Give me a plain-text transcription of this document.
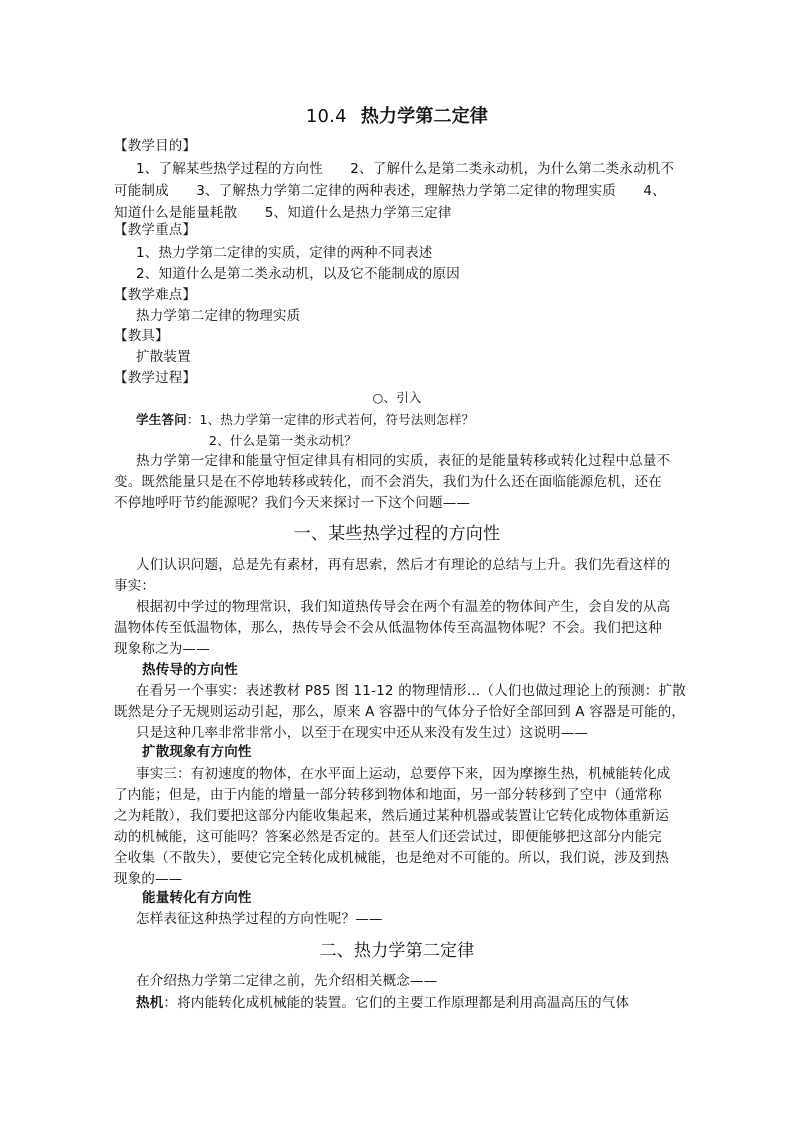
10.4 热力学第二定律
【教学目的】
1、了解某些热学过程的方向性　　2、了解什么是第二类永动机，为什么第二类永动机不
可能制成　　3、了解热力学第二定律的两种表述，理解热力学第二定律的物理实质　　4、
知道什么是能量耗散　　5、知道什么是热力学第三定律
【教学重点】
1、热力学第二定律的实质，定律的两种不同表述
2、知道什么是第二类永动机，以及它不能制成的原因
【教学难点】
热力学第二定律的物理实质
【教具】
扩散装置
【教学过程】
○、引入
学生答问：1、热力学第一定律的形式若何，符号法则怎样？
2、什么是第一类永动机？
热力学第一定律和能量守恒定律具有相同的实质，表征的是能量转移或转化过程中总量不
变。既然能量只是在不停地转移或转化，而不会消失，我们为什么还在面临能源危机，还在
不停地呼吁节约能源呢？我们今天来探讨一下这个问题——
一、某些热学过程的方向性
人们认识问题，总是先有素材，再有思索，然后才有理论的总结与上升。我们先看这样的
事实：
根据初中学过的物理常识，我们知道热传导会在两个有温差的物体间产生，会自发的从高
温物体传至低温物体，那么，热传导会不会从低温物体传至高温物体呢？不会。我们把这种
现象称之为——
热传导的方向性
在看另一个事实：表述教材 P85 图 11-12 的物理情形…（人们也做过理论上的预测：扩散
既然是分子无规则运动引起，那么，原来 A 容器中的气体分子恰好全部回到 A 容器是可能的，
只是这种几率非常非常小，以至于在现实中还从来没有发生过）这说明——
扩散现象有方向性
事实三：有初速度的物体，在水平面上运动，总要停下来，因为摩擦生热，机械能转化成
了内能；但是，由于内能的增量一部分转移到物体和地面，另一部分转移到了空中（通常称
之为耗散），我们要把这部分内能收集起来，然后通过某种机器或装置让它转化成物体重新运
动的机械能，这可能吗？答案必然是否定的。甚至人们还尝试过，即便能够把这部分内能完
全收集（不散失），要使它完全转化成机械能，也是绝对不可能的。所以，我们说，涉及到热
现象的——
能量转化有方向性
怎样表征这种热学过程的方向性呢？——
二、热力学第二定律
在介绍热力学第二定律之前，先介绍相关概念——
热机：将内能转化成机械能的装置。它们的主要工作原理都是利用高温高压的气体
